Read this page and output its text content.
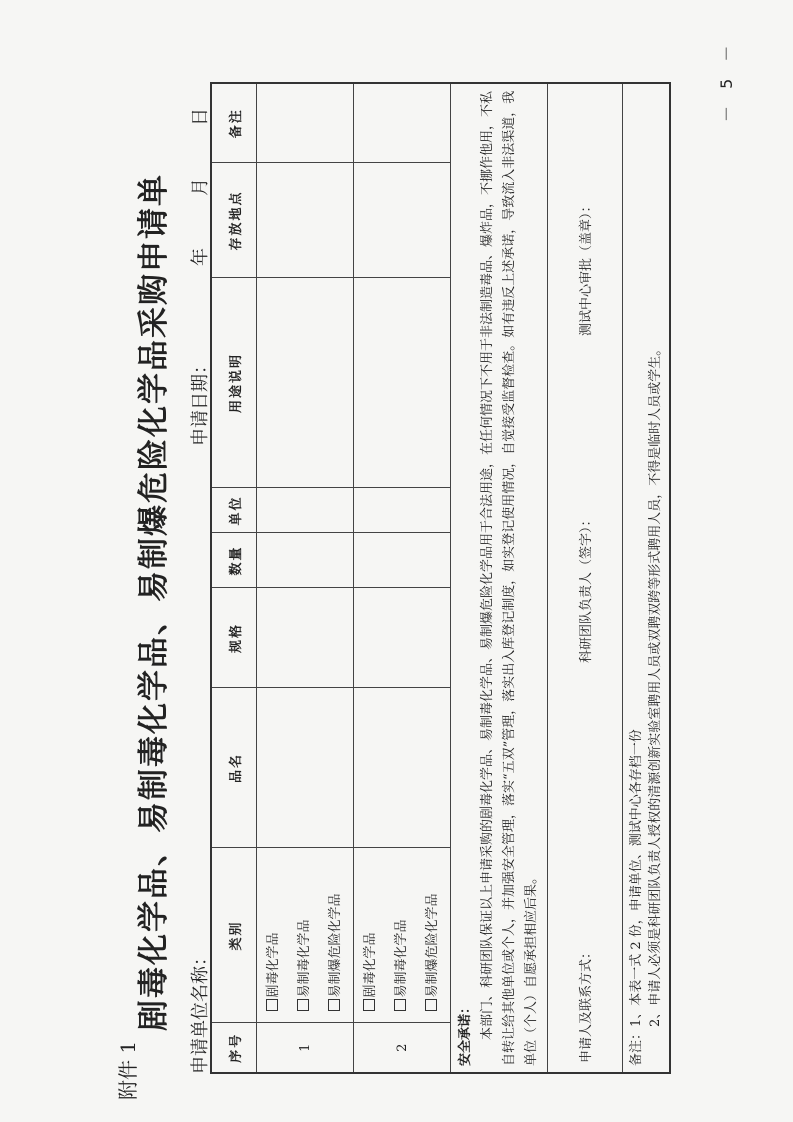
－ 5 －
附件 1
剧毒化学品、易制毒化学品、易制爆危险化学品采购申请单 申请单位名称：
申请日期：年月日
序号	类别	品名	规格	数量	单位	用途说明	存放地点	备注
1	剧毒化学品 易制毒化学品 易制爆危险化学品							

2	剧毒化学品 易制毒化学品 易制爆危险化学品							

安全承诺： 本部门、科研团队保证以上申请采购的剧毒化学品、易制毒化学品、易制爆危险化学品用于合法用途，在任何情况下不用于非法制造毒品、爆炸品，不挪作他用，不私自转让给其他单位或个人，并加强安全管理，落实“五双”管理，落实出入库登记制度，如实登记使用情况，自觉接受监督检查。如有违反上述承诺，导致流入非法渠道，我单位（个人）自愿承担相应后果。								

申请人及联系方式：
科研团队负责人（签字）：
测试中心审批（盖章）：								

备注：1、本表一式 2 份，申请单位、测试中心各存档一份 2、申请人必须是科研团队负责人授权的清源创新实验室聘用人员或双聘双跨等形式聘用人员，不得是临时人员或学生。								
